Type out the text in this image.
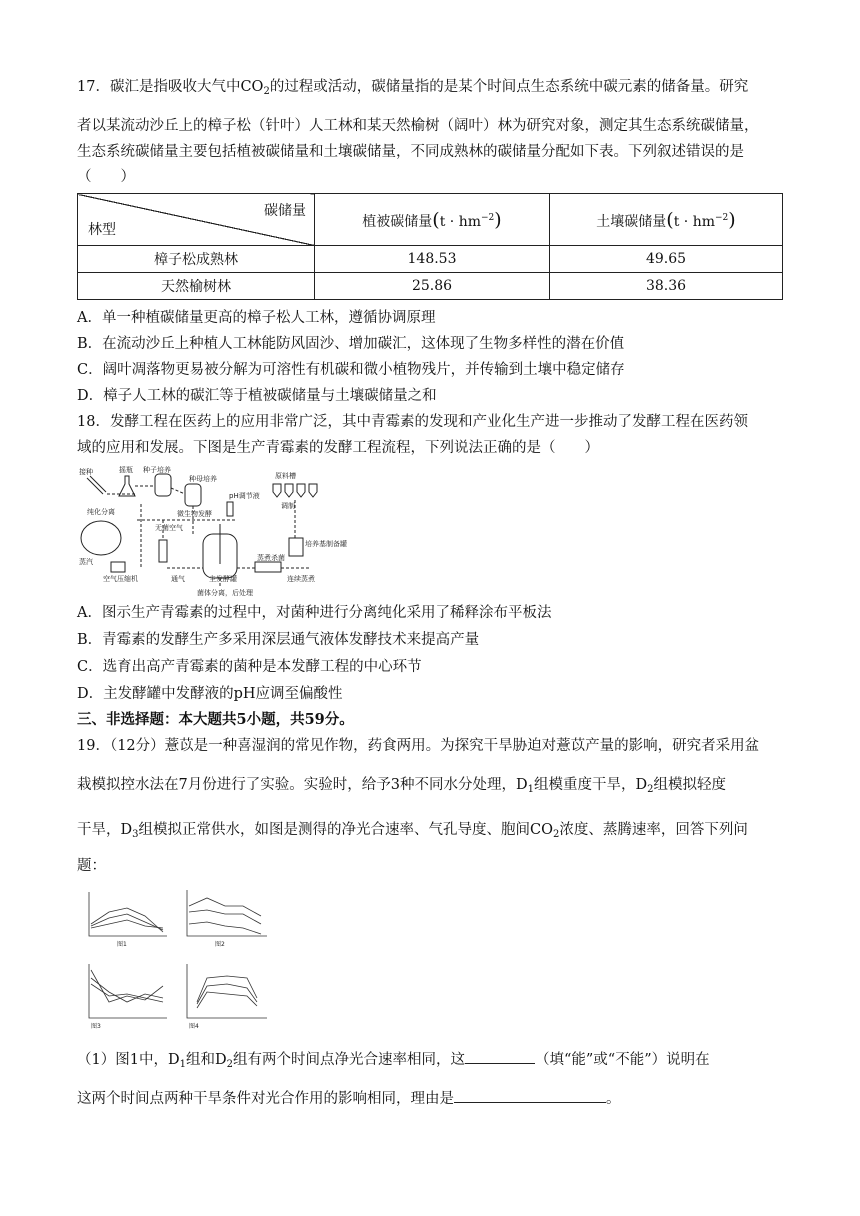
17．碳汇是指吸收大气中$CO_2$的过程或活动，碳储量指的是某个时间点生态系统中碳元素的储备量。研究
者以某流动沙丘上的樟子松（针叶）人工林和某天然榆树（阔叶）林为研究对象，测定其生态系统碳储量，
生态系统碳储量主要包括植被碳储量和土壤碳储量，不同成熟林的碳储量分配如下表。下列叙述错误的是
（　　）
碳储量
林型	植被碳储量$(t \cdot hm^{-2})$	土壤碳储量$(t \cdot hm^{-2})$
樟子松成熟林	148.53	49.65
天然榆树林	25.86	38.36
A．单一种植碳储量更高的樟子松人工林，遵循协调原理
B．在流动沙丘上种植人工林能防风固沙、增加碳汇，这体现了生物多样性的潜在价值
C．阔叶凋落物更易被分解为可溶性有机碳和微小植物残片，并传输到土壤中稳定储存
D．樟子人工林的碳汇等于植被碳储量与土壤碳储量之和
18．发酵工程在医药上的应用非常广泛，其中青霉素的发现和产业化生产进一步推动了发酵工程在医药领
域的应用和发展。下图是生产青霉素的发酵工程流程，下列说法正确的是（　　）
接种	摇瓶 种子培养
种母培养
pH调节液
原料槽
纯化分离	微生物发酵
无菌空气
调制
培养基制备罐
蒸汽
空气压缩机	通气	主发酵罐
蒸煮杀菌
连续蒸煮
菌体分离，后处理
A．图示生产青霉素的过程中，对菌种进行分离纯化采用了稀释涂布平板法
B．青霉素的发酵生产多采用深层通气液体发酵技术来提高产量
C．选育出高产青霉素的菌种是本发酵工程的中心环节
D．主发酵罐中发酵液的pH应调至偏酸性
三、非选择题：本大题共5小题，共59分。
19．（12分）薏苡是一种喜湿润的常见作物，药食两用。为探究干旱胁迫对薏苡产量的影响，研究者采用盆
栽模拟控水法在7月份进行了实验。实验时，给予3种不同水分处理，$D_1$组模重度干旱，$D_2$组模拟轻度
干旱，$D_3$组模拟正常供水，如图是测得的净光合速率、气孔导度、胞间$CO_2$浓度、蒸腾速率，回答下列问
题：
图1	图2
图3	图4
（1）图1中，$D_1$组和$D_2$组有两个时间点净光合速率相同，这	（填“能”或“不能”）说明在
这两个时间点两种干旱条件对光合作用的影响相同，理由是	。
